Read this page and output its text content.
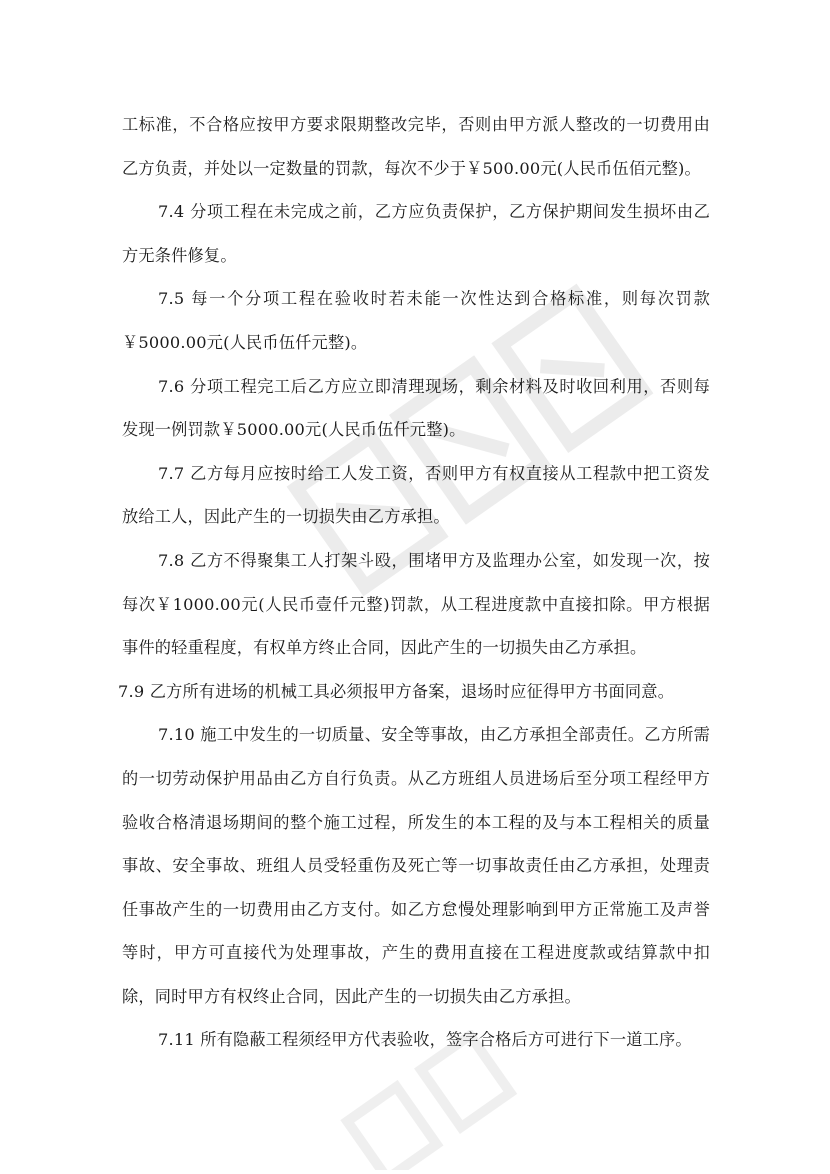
工标准，不合格应按甲方要求限期整改完毕，否则由甲方派人整改的一切费用由乙方负责，并处以一定数量的罚款，每次不少于￥500.00元(人民币伍佰元整)。

7.4 分项工程在未完成之前，乙方应负责保护，乙方保护期间发生损坏由乙方无条件修复。

7.5 每一个分项工程在验收时若未能一次性达到合格标准，则每次罚款￥5000.00元(人民币伍仟元整)。

7.6 分项工程完工后乙方应立即清理现场，剩余材料及时收回利用，否则每发现一例罚款￥5000.00元(人民币伍仟元整)。

7.7 乙方每月应按时给工人发工资，否则甲方有权直接从工程款中把工资发放给工人，因此产生的一切损失由乙方承担。

7.8 乙方不得聚集工人打架斗殴，围堵甲方及监理办公室，如发现一次，按每次￥1000.00元(人民币壹仟元整)罚款，从工程进度款中直接扣除。甲方根据事件的轻重程度，有权单方终止合同，因此产生的一切损失由乙方承担。

7.9 乙方所有进场的机械工具必须报甲方备案，退场时应征得甲方书面同意。

7.10 施工中发生的一切质量、安全等事故，由乙方承担全部责任。乙方所需的一切劳动保护用品由乙方自行负责。从乙方班组人员进场后至分项工程经甲方验收合格清退场期间的整个施工过程，所发生的本工程的及与本工程相关的质量事故、安全事故、班组人员受轻重伤及死亡等一切事故责任由乙方承担，处理责任事故产生的一切费用由乙方支付。如乙方怠慢处理影响到甲方正常施工及声誉等时，甲方可直接代为处理事故，产生的费用直接在工程进度款或结算款中扣除，同时甲方有权终止合同，因此产生的一切损失由乙方承担。

7.11 所有隐蔽工程须经甲方代表验收，签字合格后方可进行下一道工序。
